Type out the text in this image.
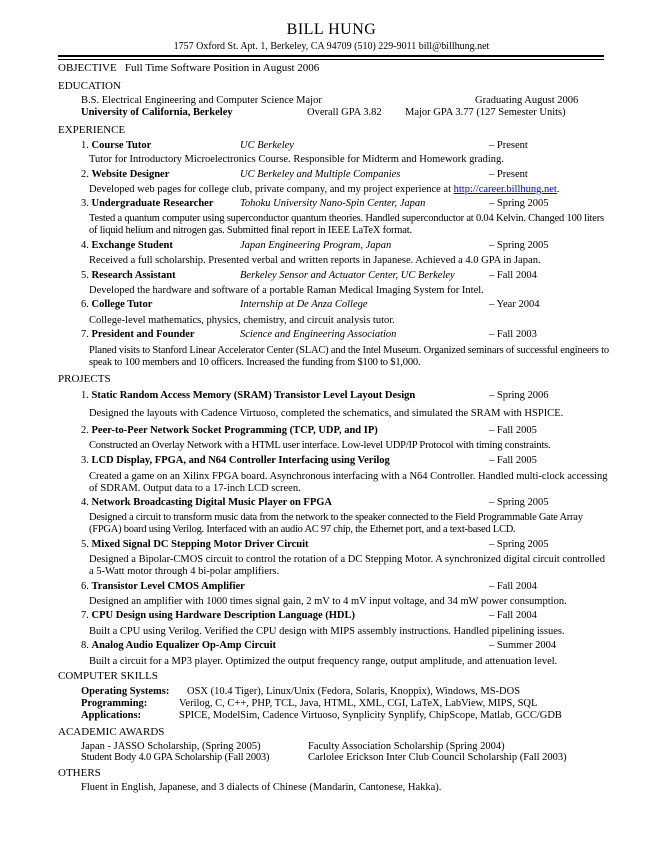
BILL HUNG
1757 Oxford St. Apt. 1, Berkeley, CA 94709 (510) 229-9011 bill@billhung.net
OBJECTIVE Full Time Software Position in August 2006
EDUCATION
B.S. Electrical Engineering and Computer Science Major	Graduating August 2006
University of California, Berkeley	Overall GPA 3.82 Major GPA 3.77 (127 Semester Units)
EXPERIENCE
1. Course Tutor	UC Berkeley	– Present
Tutor for Introductory Microelectronics Course. Responsible for Midterm and Homework grading.
2. Website Designer	UC Berkeley and Multiple Companies	– Present
Developed web pages for college club, private company, and my project experience at http://career.billhung.net.
3. Undergraduate Researcher	Tohoku University Nano-Spin Center, Japan	– Spring 2005
Tested a quantum computer using superconductor quantum theories. Handled superconductor at 0.04 Kelvin. Changed 100 liters of liquid helium and nitrogen gas. Submitted final report in IEEE LaTeX format.
4. Exchange Student	Japan Engineering Program, Japan	– Spring 2005
Received a full scholarship. Presented verbal and written reports in Japanese. Achieved a 4.0 GPA in Japan.
5. Research Assistant	Berkeley Sensor and Actuator Center, UC Berkeley	– Fall 2004
Developed the hardware and software of a portable Raman Medical Imaging System for Intel.
6. College Tutor	Internship at De Anza College	– Year 2004
College-level mathematics, physics, chemistry, and circuit analysis tutor.
7. President and Founder	Science and Engineering Association	– Fall 2003
Planed visits to Stanford Linear Accelerator Center (SLAC) and the Intel Museum. Organized seminars of successful engineers to speak to 100 members and 10 officers. Increased the funding from $100 to $1,000.
PROJECTS
1. Static Random Access Memory (SRAM) Transistor Level Layout Design	– Spring 2006
Designed the layouts with Cadence Virtuoso, completed the schematics, and simulated the SRAM with HSPICE.
2. Peer-to-Peer Network Socket Programming (TCP, UDP, and IP)	– Fall 2005
Constructed an Overlay Network with a HTML user interface. Low-level UDP/IP Protocol with timing constraints.
3. LCD Display, FPGA, and N64 Controller Interfacing using Verilog	– Fall 2005
Created a game on an Xilinx FPGA board. Asynchronous interfacing with a N64 Controller. Handled multi-clock accessing of SDRAM. Output data to a 17-inch LCD screen.
4. Network Broadcasting Digital Music Player on FPGA	– Spring 2005
Designed a circuit to transform music data from the network to the speaker connected to the Field Programmable Gate Array (FPGA) board using Verilog. Interfaced with an audio AC 97 chip, the Ethernet port, and a text-based LCD.
5. Mixed Signal DC Stepping Motor Driver Circuit	– Spring 2005
Designed a Bipolar-CMOS circuit to control the rotation of a DC Stepping Motor. A synchronized digital circuit controlled a 5-Watt motor through 4 bi-polar amplifiers.
6. Transistor Level CMOS Amplifier	– Fall 2004
Designed an amplifier with 1000 times signal gain, 2 mV to 4 mV input voltage, and 34 mW power consumption.
7. CPU Design using Hardware Description Language (HDL)	– Fall 2004
Built a CPU using Verilog. Verified the CPU design with MIPS assembly instructions. Handled pipelining issues.
8. Analog Audio Equalizer Op-Amp Circuit	– Summer 2004
Built a circuit for a MP3 player. Optimized the output frequency range, output amplitude, and attenuation level.
COMPUTER SKILLS
Operating Systems: OSX (10.4 Tiger), Linux/Unix (Fedora, Solaris, Knoppix), Windows, MS-DOS
Programming:	Verilog, C, C++, PHP, TCL, Java, HTML, XML, CGI, LaTeX, LabView, MIPS, SQL
Applications:	SPICE, ModelSim, Cadence Virtuoso, Synplicity Synplify, ChipScope, Matlab, GCC/GDB
ACADEMIC AWARDS
Japan - JASSO Scholarship, (Spring 2005)	Faculty Association Scholarship (Spring 2004)
Student Body 4.0 GPA Scholarship (Fall 2003)	Carlolee Erickson Inter Club Council Scholarship (Fall 2003)
OTHERS
Fluent in English, Japanese, and 3 dialects of Chinese (Mandarin, Cantonese, Hakka).
